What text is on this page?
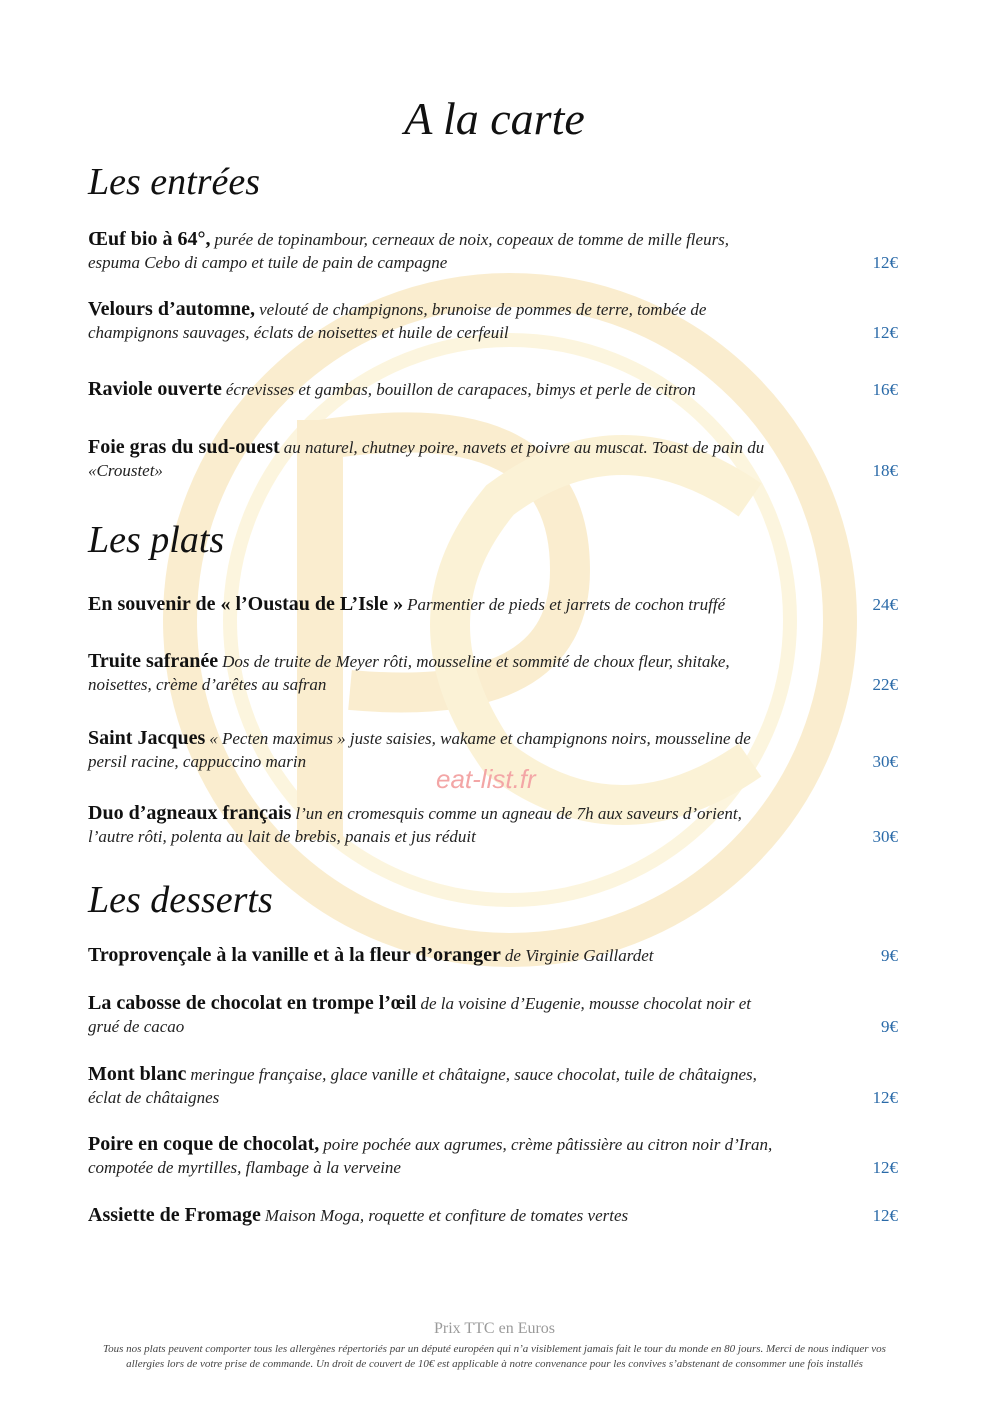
A la carte
Les entrées
Œuf bio à 64°, purée de topinambour, cerneaux de noix, copeaux de tomme de mille fleurs,
espuma Cebo di campo et tuile de pain de campagne	12€
Velours d’automne, velouté de champignons, brunoise de pommes de terre, tombée de
champignons sauvages, éclats de noisettes et huile de cerfeuil	12€
Raviole ouverte écrevisses et gambas, bouillon de carapaces, bimys et perle de citron	16€
Foie gras du sud-ouest au naturel, chutney poire, navets et poivre au muscat. Toast de pain du
«Croustet»	18€
Les plats
En souvenir de « l’Oustau de L’Isle » Parmentier de pieds et jarrets de cochon truffé	24€
Truite safranée Dos de truite de Meyer rôti, mousseline et sommité de choux fleur, shitake,
noisettes, crème d’arêtes au safran	22€
Saint Jacques « Pecten maximus » juste saisies, wakame et champignons noirs, mousseline de
persil racine, cappuccino marin	30€
Duo d’agneaux français l’un en cromesquis comme un agneau de 7h aux saveurs d’orient,
l’autre rôti, polenta au lait de brebis, panais et jus réduit	30€
Les desserts
Troprovençale à la vanille et à la fleur d’oranger de Virginie Gaillardet	9€
La cabosse de chocolat en trompe l’œil de la voisine d’Eugenie, mousse chocolat noir et
grué de cacao	9€
Mont blanc meringue française, glace vanille et châtaigne, sauce chocolat, tuile de châtaignes,
éclat de châtaignes	12€
Poire en coque de chocolat, poire pochée aux agrumes, crème pâtissière au citron noir d’Iran,
compotée de myrtilles, flambage à la verveine	12€
Assiette de Fromage Maison Moga, roquette et confiture de tomates vertes	12€
eat-list.fr
Prix TTC en Euros
Tous nos plats peuvent comporter tous les allergènes répertoriés par un député européen qui n’a visiblement jamais fait le tour du monde en 80 jours. Merci de nous indiquer vos allergies lors de votre prise de commande. Un droit de couvert de 10€ est applicable à notre convenance pour les convives s’abstenant de consommer une fois installés
